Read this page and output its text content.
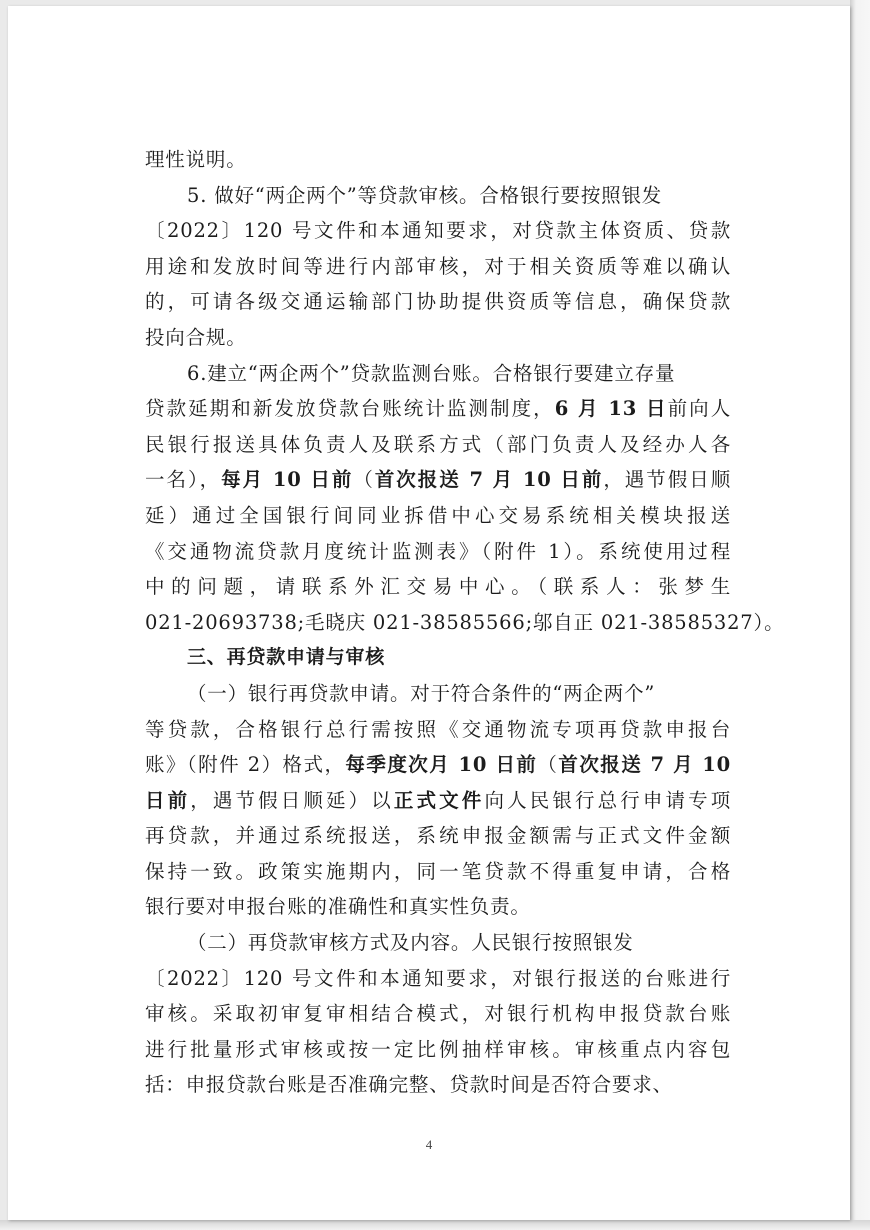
理性说明。
5. 做好“两企两个”等贷款审核。合格银行要按照银发
〔2022〕120 号文件和本通知要求，对贷款主体资质、贷款
用途和发放时间等进行内部审核，对于相关资质等难以确认
的，可请各级交通运输部门协助提供资质等信息，确保贷款
投向合规。
6.建立“两企两个”贷款监测台账。合格银行要建立存量
贷款延期和新发放贷款台账统计监测制度，6 月 13 日前向人
民银行报送具体负责人及联系方式（部门负责人及经办人各
一名），每月 10 日前（首次报送 7 月 10 日前，遇节假日顺
延）通过全国银行间同业拆借中心交易系统相关模块报送
《交通物流贷款月度统计监测表》（附件 1）。系统使用过程
中的问题，请联系外汇交易中心。（联系人：张梦生
021-20693738;毛晓庆 021-38585566;邬自正 021-38585327）。
三、再贷款申请与审核
（一）银行再贷款申请。对于符合条件的“两企两个”
等贷款，合格银行总行需按照《交通物流专项再贷款申报台
账》（附件 2）格式，每季度次月 10 日前（首次报送 7 月 10
日前，遇节假日顺延）以正式文件向人民银行总行申请专项
再贷款，并通过系统报送，系统申报金额需与正式文件金额
保持一致。政策实施期内，同一笔贷款不得重复申请，合格
银行要对申报台账的准确性和真实性负责。
（二）再贷款审核方式及内容。人民银行按照银发
〔2022〕120 号文件和本通知要求，对银行报送的台账进行
审核。采取初审复审相结合模式，对银行机构申报贷款台账
进行批量形式审核或按一定比例抽样审核。审核重点内容包
括：申报贷款台账是否准确完整、贷款时间是否符合要求、
4
